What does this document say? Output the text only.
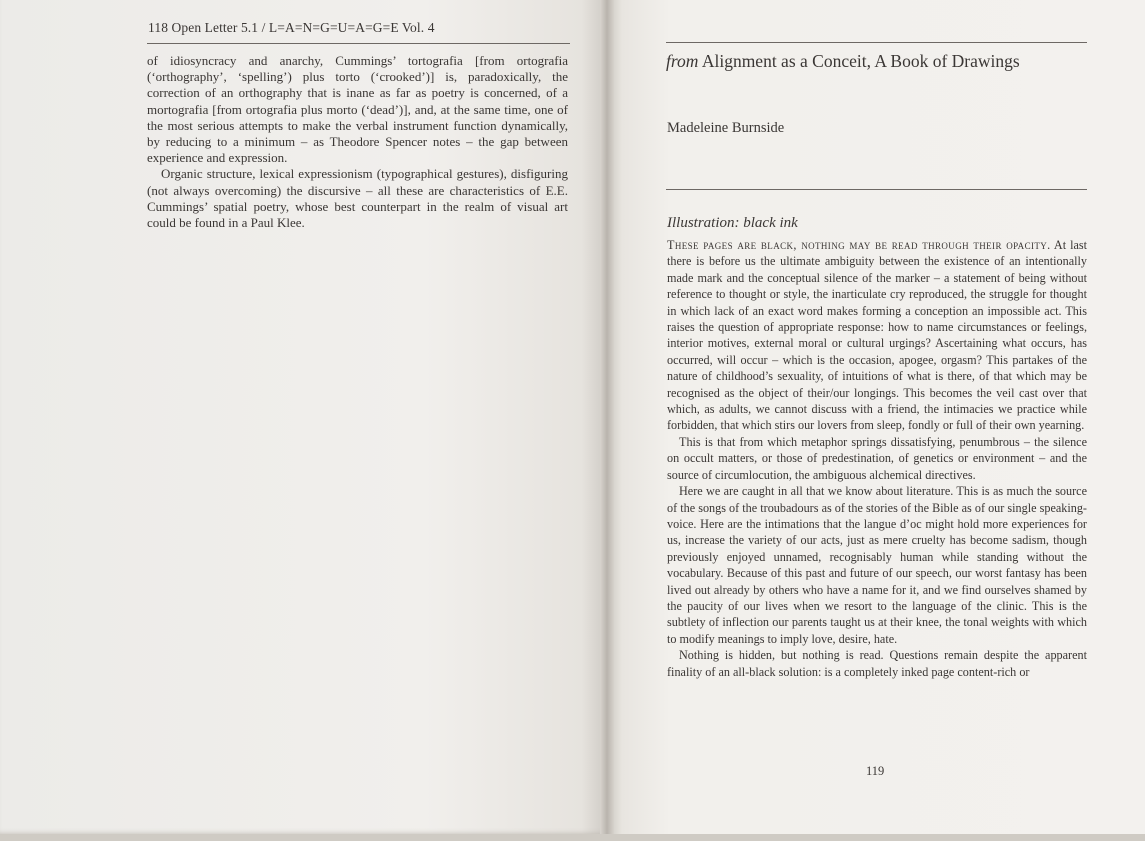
118 Open Letter 5.1 / L=A=N=G=U=A=G=E Vol. 4

of idiosyncracy and anarchy, Cummings’ tortografia [from ortografia (‘orthography’, ‘spelling’) plus torto (‘crooked’)] is, paradoxically, the correction of an orthography that is inane as far as poetry is concerned, of a mortografia [from ortografia plus morto (‘dead’)], and, at the same time, one of the most serious attempts to make the verbal instrument function dynamically, by reducing to a minimum – as Theodore Spencer notes – the gap between experience and expression.

Organic structure, lexical expressionism (typographical gestures), disfiguring (not always overcoming) the discursive – all these are characteristics of E.E. Cummings’ spatial poetry, whose best counterpart in the realm of visual art could be found in a Paul Klee.

from Alignment as a Conceit, A Book of Drawings
Madeleine Burnside
Illustration: black ink

These pages are black, nothing may be read through their opacity. At last there is before us the ultimate ambiguity between the existence of an intentionally made mark and the conceptual silence of the marker – a statement of being without reference to thought or style, the inarticulate cry reproduced, the struggle for thought in which lack of an exact word makes forming a conception an impossible act. This raises the question of appropriate response: how to name circumstances or feelings, interior motives, external moral or cultural urgings? Ascertaining what occurs, has occurred, will occur – which is the occasion, apogee, orgasm? This partakes of the nature of childhood’s sexuality, of intuitions of what is there, of that which may be recognised as the object of their/our longings. This becomes the veil cast over that which, as adults, we cannot discuss with a friend, the intimacies we practice while forbidden, that which stirs our lovers from sleep, fondly or full of their own yearning.

This is that from which metaphor springs dissatisfying, penumbrous – the silence on occult matters, or those of predestination, of genetics or environment – and the source of circumlocution, the ambiguous alchemical directives.

Here we are caught in all that we know about literature. This is as much the source of the songs of the troubadours as of the stories of the Bible as of our single speaking-voice. Here are the intimations that the langue d’oc might hold more experiences for us, increase the variety of our acts, just as mere cruelty has become sadism, though previously enjoyed unnamed, recognisably human while standing without the vocabulary. Because of this past and future of our speech, our worst fantasy has been lived out already by others who have a name for it, and we find ourselves shamed by the paucity of our lives when we resort to the language of the clinic. This is the subtlety of inflection our parents taught us at their knee, the tonal weights with which to modify meanings to imply love, desire, hate.

Nothing is hidden, but nothing is read. Questions remain despite the apparent finality of an all-black solution: is a completely inked page content-rich or

119
